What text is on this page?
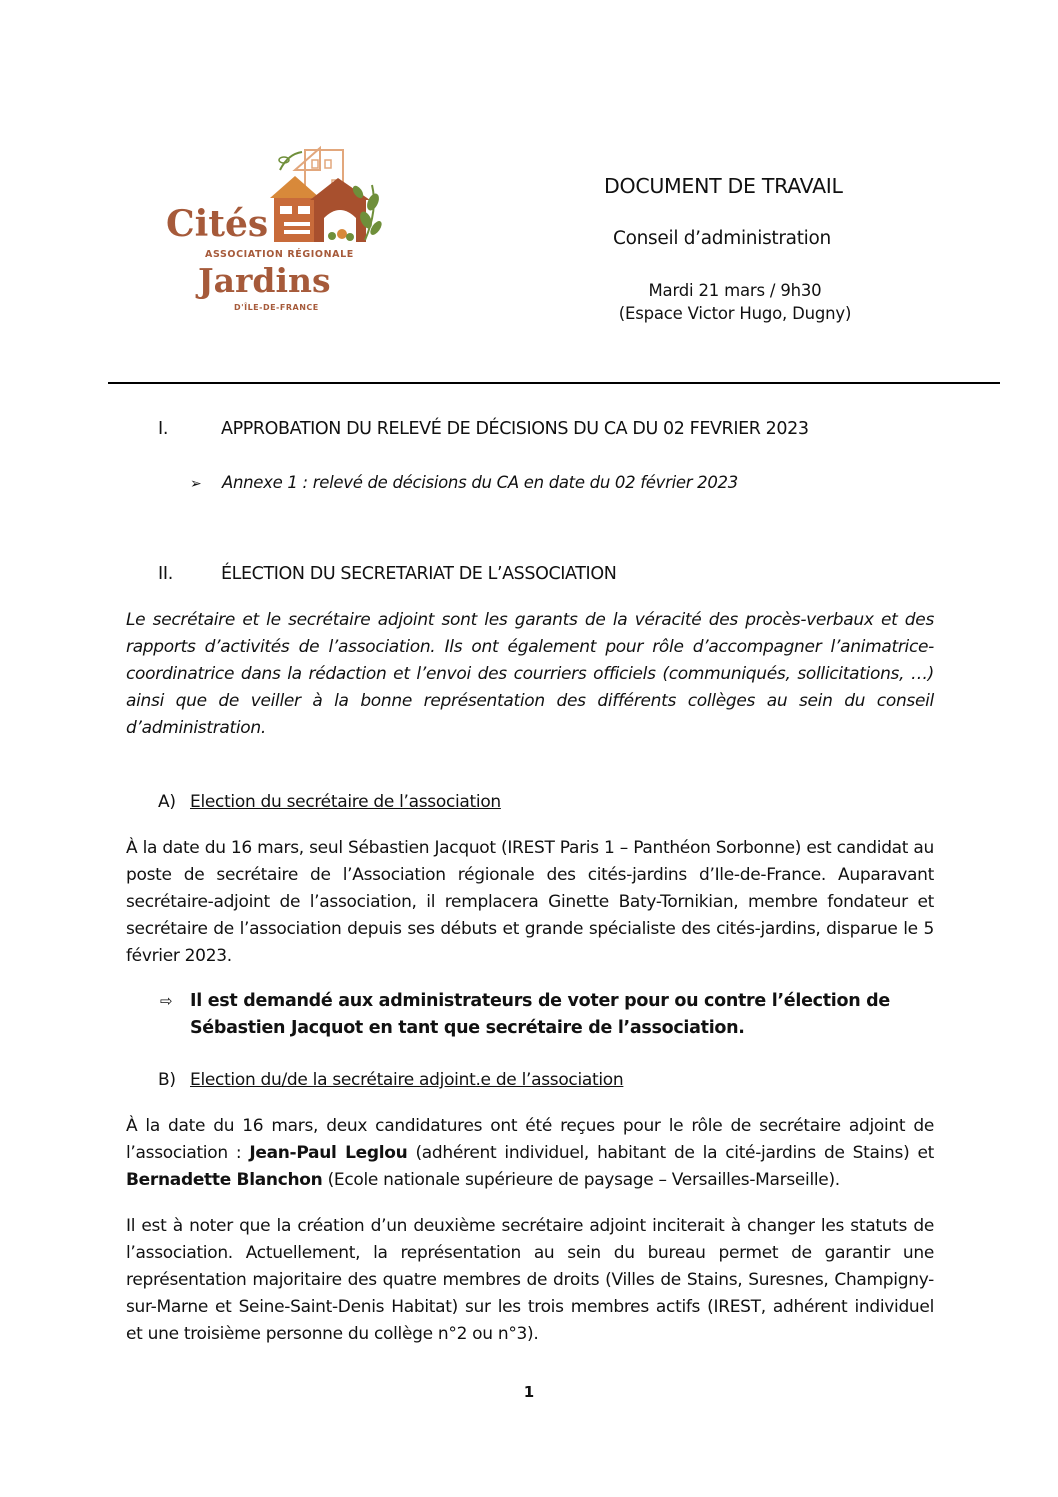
Cités
ASSOCIATION RÉGIONALE
Jardins
D'ÎLE-DE-FRANCE
DOCUMENT DE TRAVAIL
Conseil d’administration
Mardi 21 mars / 9h30
(Espace Victor Hugo, Dugny)
I.	APPROBATION DU RELEVÉ DE DÉCISIONS DU CA DU 02 FEVRIER 2023
➢ Annexe 1 : relevé de décisions du CA en date du 02 février 2023
II.	ÉLECTION DU SECRETARIAT DE L’ASSOCIATION
Le secrétaire et le secrétaire adjoint sont les garants de la véracité des procès-verbaux et des rapports d’activités de l’association. Ils ont également pour rôle d’accompagner l’animatrice-coordinatrice dans la rédaction et l’envoi des courriers officiels (communiqués, sollicitations, …) ainsi que de veiller à la bonne représentation des différents collèges au sein du conseil d’administration.
A) Election du secrétaire de l’association
À la date du 16 mars, seul Sébastien Jacquot (IREST Paris 1 – Panthéon Sorbonne) est candidat au poste de secrétaire de l’Association régionale des cités-jardins d’Ile-de-France. Auparavant secrétaire-adjoint de l’association, il remplacera Ginette Baty-Tornikian, membre fondateur et secrétaire de l’association depuis ses débuts et grande spécialiste des cités-jardins, disparue le 5 février 2023.
⇨	Il est demandé aux administrateurs de voter pour ou contre l’élection de Sébastien Jacquot en tant que secrétaire de l’association.
B) Election du/de la secrétaire adjoint.e de l’association
À la date du 16 mars, deux candidatures ont été reçues pour le rôle de secrétaire adjoint de l’association : Jean-Paul Leglou (adhérent individuel, habitant de la cité-jardins de Stains) et Bernadette Blanchon (Ecole nationale supérieure de paysage – Versailles-Marseille).
Il est à noter que la création d’un deuxième secrétaire adjoint inciterait à changer les statuts de l’association. Actuellement, la représentation au sein du bureau permet de garantir une représentation majoritaire des quatre membres de droits (Villes de Stains, Suresnes, Champigny-sur-Marne et Seine-Saint-Denis Habitat) sur les trois membres actifs (IREST, adhérent individuel et une troisième personne du collège n°2 ou n°3).
1
